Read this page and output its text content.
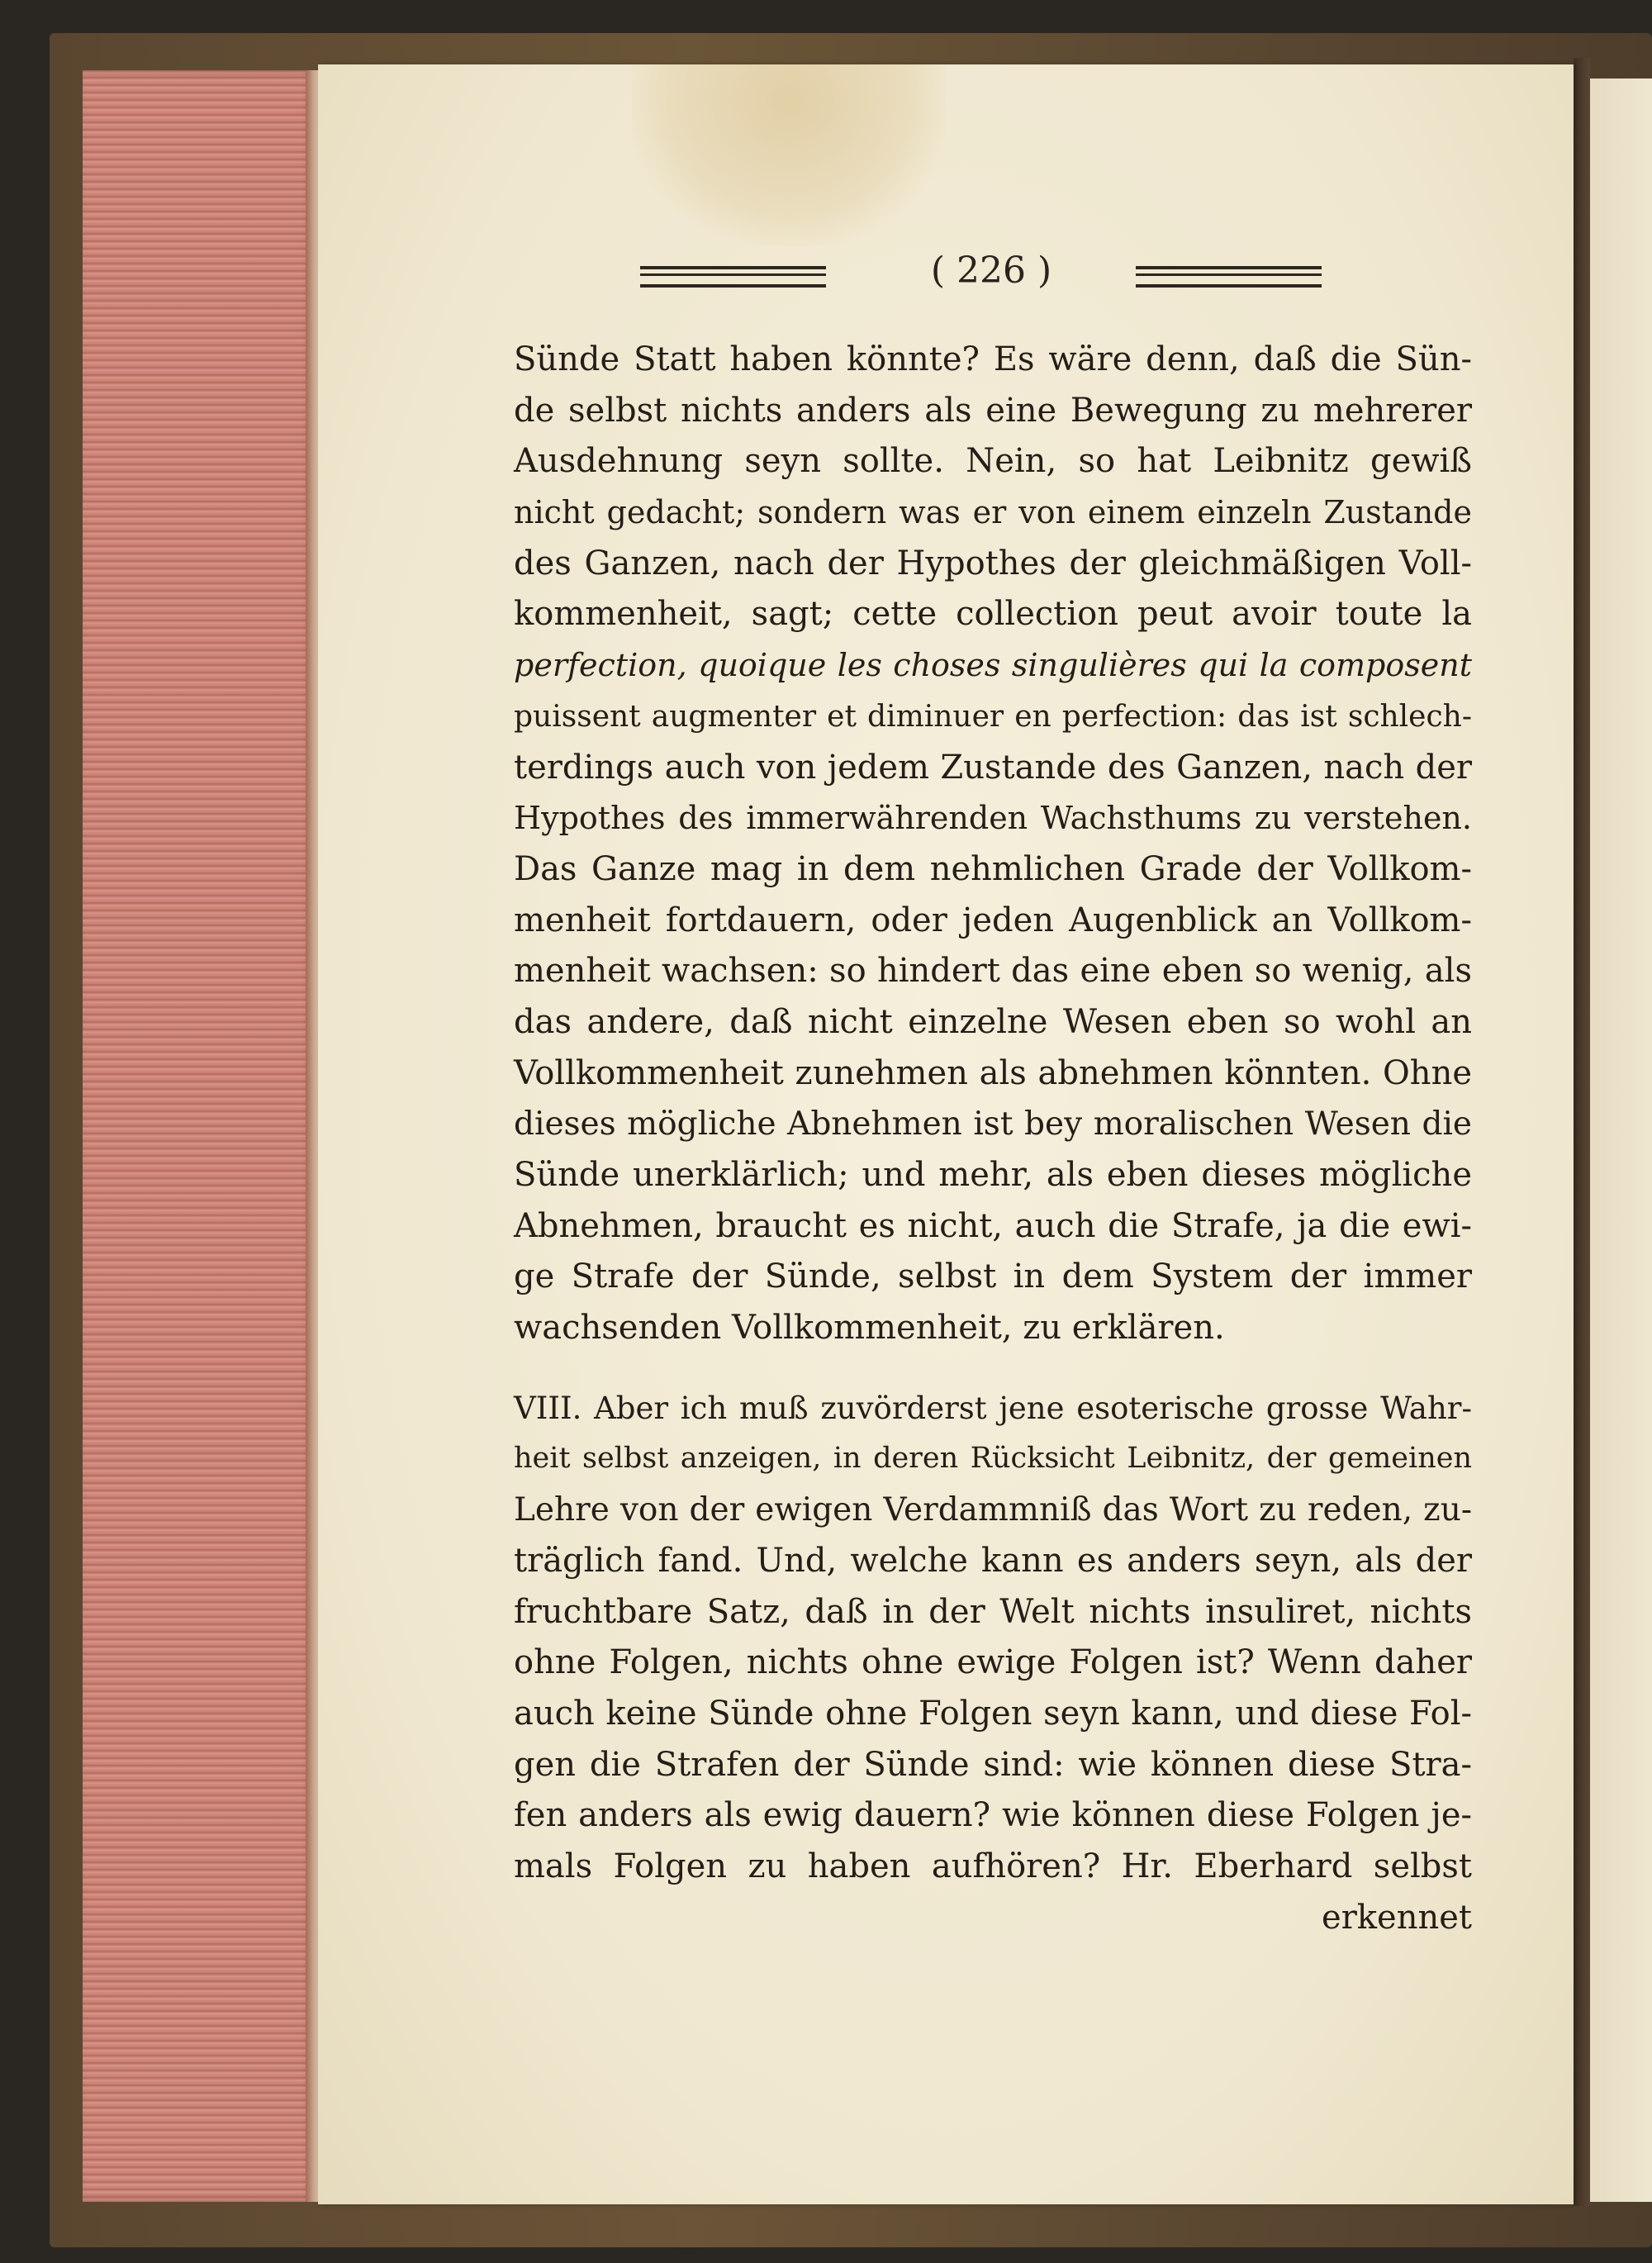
( 226 )
Sünde Statt haben könnte? Es wäre denn, daß die Sün-
de selbst nichts anders als eine Bewegung zu mehrerer
Ausdehnung seyn sollte. Nein, so hat Leibnitz gewiß
nicht gedacht; sondern was er von einem einzeln Zustande
des Ganzen, nach der Hypothes der gleichmäßigen Voll-
kommenheit, sagt; cette collection peut avoir toute la
perfection, quoique les choses singulières qui la composent
puissent augmenter et diminuer en perfection: das ist schlech-
terdings auch von jedem Zustande des Ganzen, nach der
Hypothes des immerwährenden Wachsthums zu verstehen.
Das Ganze mag in dem nehmlichen Grade der Vollkom-
menheit fortdauern, oder jeden Augenblick an Vollkom-
menheit wachsen: so hindert das eine eben so wenig, als
das andere, daß nicht einzelne Wesen eben so wohl an
Vollkommenheit zunehmen als abnehmen könnten. Ohne
dieses mögliche Abnehmen ist bey moralischen Wesen die
Sünde unerklärlich; und mehr, als eben dieses mögliche
Abnehmen, braucht es nicht, auch die Strafe, ja die ewi-
ge Strafe der Sünde, selbst in dem System der immer
wachsenden Vollkommenheit, zu erklären.
VIII. Aber ich muß zuvörderst jene esoterische grosse Wahr-
heit selbst anzeigen, in deren Rücksicht Leibnitz, der gemeinen
Lehre von der ewigen Verdammniß das Wort zu reden, zu-
träglich fand. Und, welche kann es anders seyn, als der
fruchtbare Satz, daß in der Welt nichts insuliret, nichts
ohne Folgen, nichts ohne ewige Folgen ist? Wenn daher
auch keine Sünde ohne Folgen seyn kann, und diese Fol-
gen die Strafen der Sünde sind: wie können diese Stra-
fen anders als ewig dauern? wie können diese Folgen je-
mals Folgen zu haben aufhören? Hr. Eberhard selbst
erkennet
